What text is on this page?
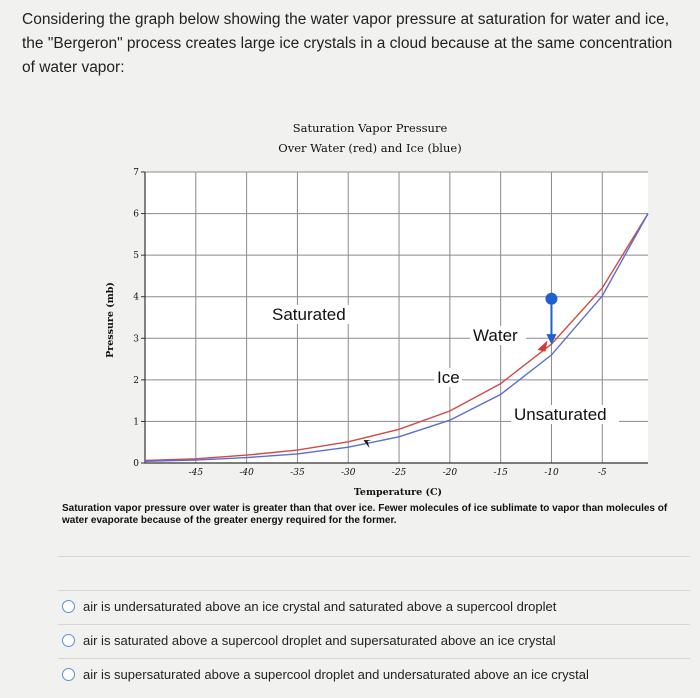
Considering the graph below showing the water vapor pressure at saturation for water and ice, the "Bergeron" process creates large ice crystals in a cloud because at the same concentration of water vapor:
-45	-40	-35	-30	-25	-20	-15	-10	-5
0
1
2
3
4
5
6
7
Temperature (C)
Pressure (mb)	Saturated
Unsaturated
Water
Ice
Saturation Vapor Pressure
Over Water (red) and Ice (blue)
Saturation vapor pressure over water is greater than that over ice. Fewer molecules of ice sublimate to vapor than molecules of water evaporate because of the greater energy required for the former.
air is undersaturated above an ice crystal and saturated above a supercool droplet
air is saturated above a supercool droplet and supersaturated above an ice crystal
air is supersaturated above a supercool droplet and undersaturated above an ice crystal
